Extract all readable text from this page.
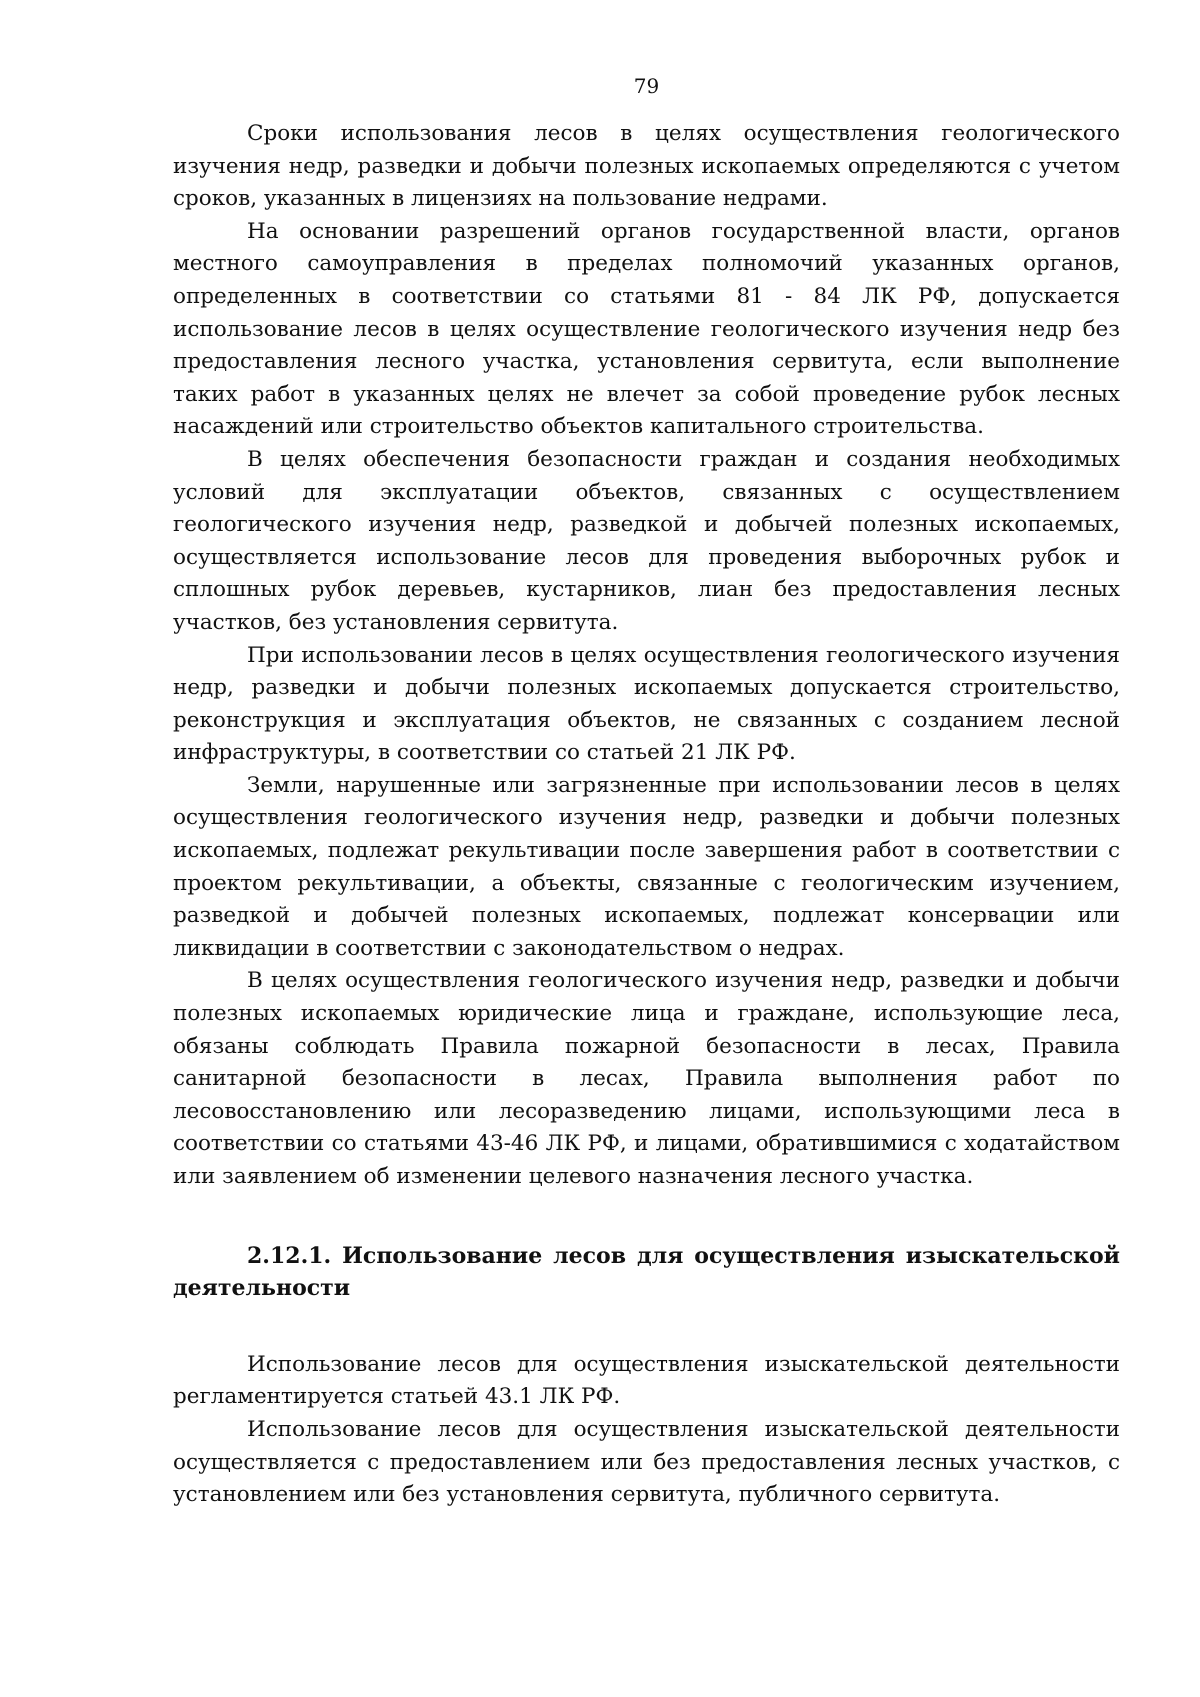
79

Сроки использования лесов в целях осуществления геологического изучения недр, разведки и добычи полезных ископаемых определяются с учетом сроков, указанных в лицензиях на пользование недрами.

На основании разрешений органов государственной власти, органов местного самоуправления в пределах полномочий указанных органов, определенных в соответствии со статьями 81 - 84 ЛК РФ, допускается использование лесов в целях осуществление геологического изучения недр без предоставления лесного участка, установления сервитута, если выполнение таких работ в указанных целях не влечет за собой проведение рубок лесных насаждений или строительство объектов капитального строительства.

В целях обеспечения безопасности граждан и создания необходимых условий для эксплуатации объектов, связанных с осуществлением геологического изучения недр, разведкой и добычей полезных ископаемых, осуществляется использование лесов для проведения выборочных рубок и сплошных рубок деревьев, кустарников, лиан без предоставления лесных участков, без установления сервитута.

При использовании лесов в целях осуществления геологического изучения недр, разведки и добычи полезных ископаемых допускается строительство, реконструкция и эксплуатация объектов, не связанных с созданием лесной инфраструктуры, в соответствии со статьей 21 ЛК РФ.

Земли, нарушенные или загрязненные при использовании лесов в целях осуществления геологического изучения недр, разведки и добычи полезных ископаемых, подлежат рекультивации после завершения работ в соответствии с проектом рекультивации, а объекты, связанные с геологическим изучением, разведкой и добычей полезных ископаемых, подлежат консервации или ликвидации в соответствии с законодательством о недрах.

В целях осуществления геологического изучения недр, разведки и добычи полезных ископаемых юридические лица и граждане, использующие леса, обязаны соблюдать Правила пожарной безопасности в лесах, Правила санитарной безопасности в лесах, Правила выполнения работ по лесовосстановлению или лесоразведению лицами, использующими леса в соответствии со статьями 43-46 ЛК РФ, и лицами, обратившимися с ходатайством или заявлением об изменении целевого назначения лесного участка.

2.12.1. Использование лесов для осуществления изыскательской деятельности

Использование лесов для осуществления изыскательской деятельности регламентируется статьей 43.1 ЛК РФ.

Использование лесов для осуществления изыскательской деятельности осуществляется с предоставлением или без предоставления лесных участков, с установлением или без установления сервитута, публичного сервитута.
